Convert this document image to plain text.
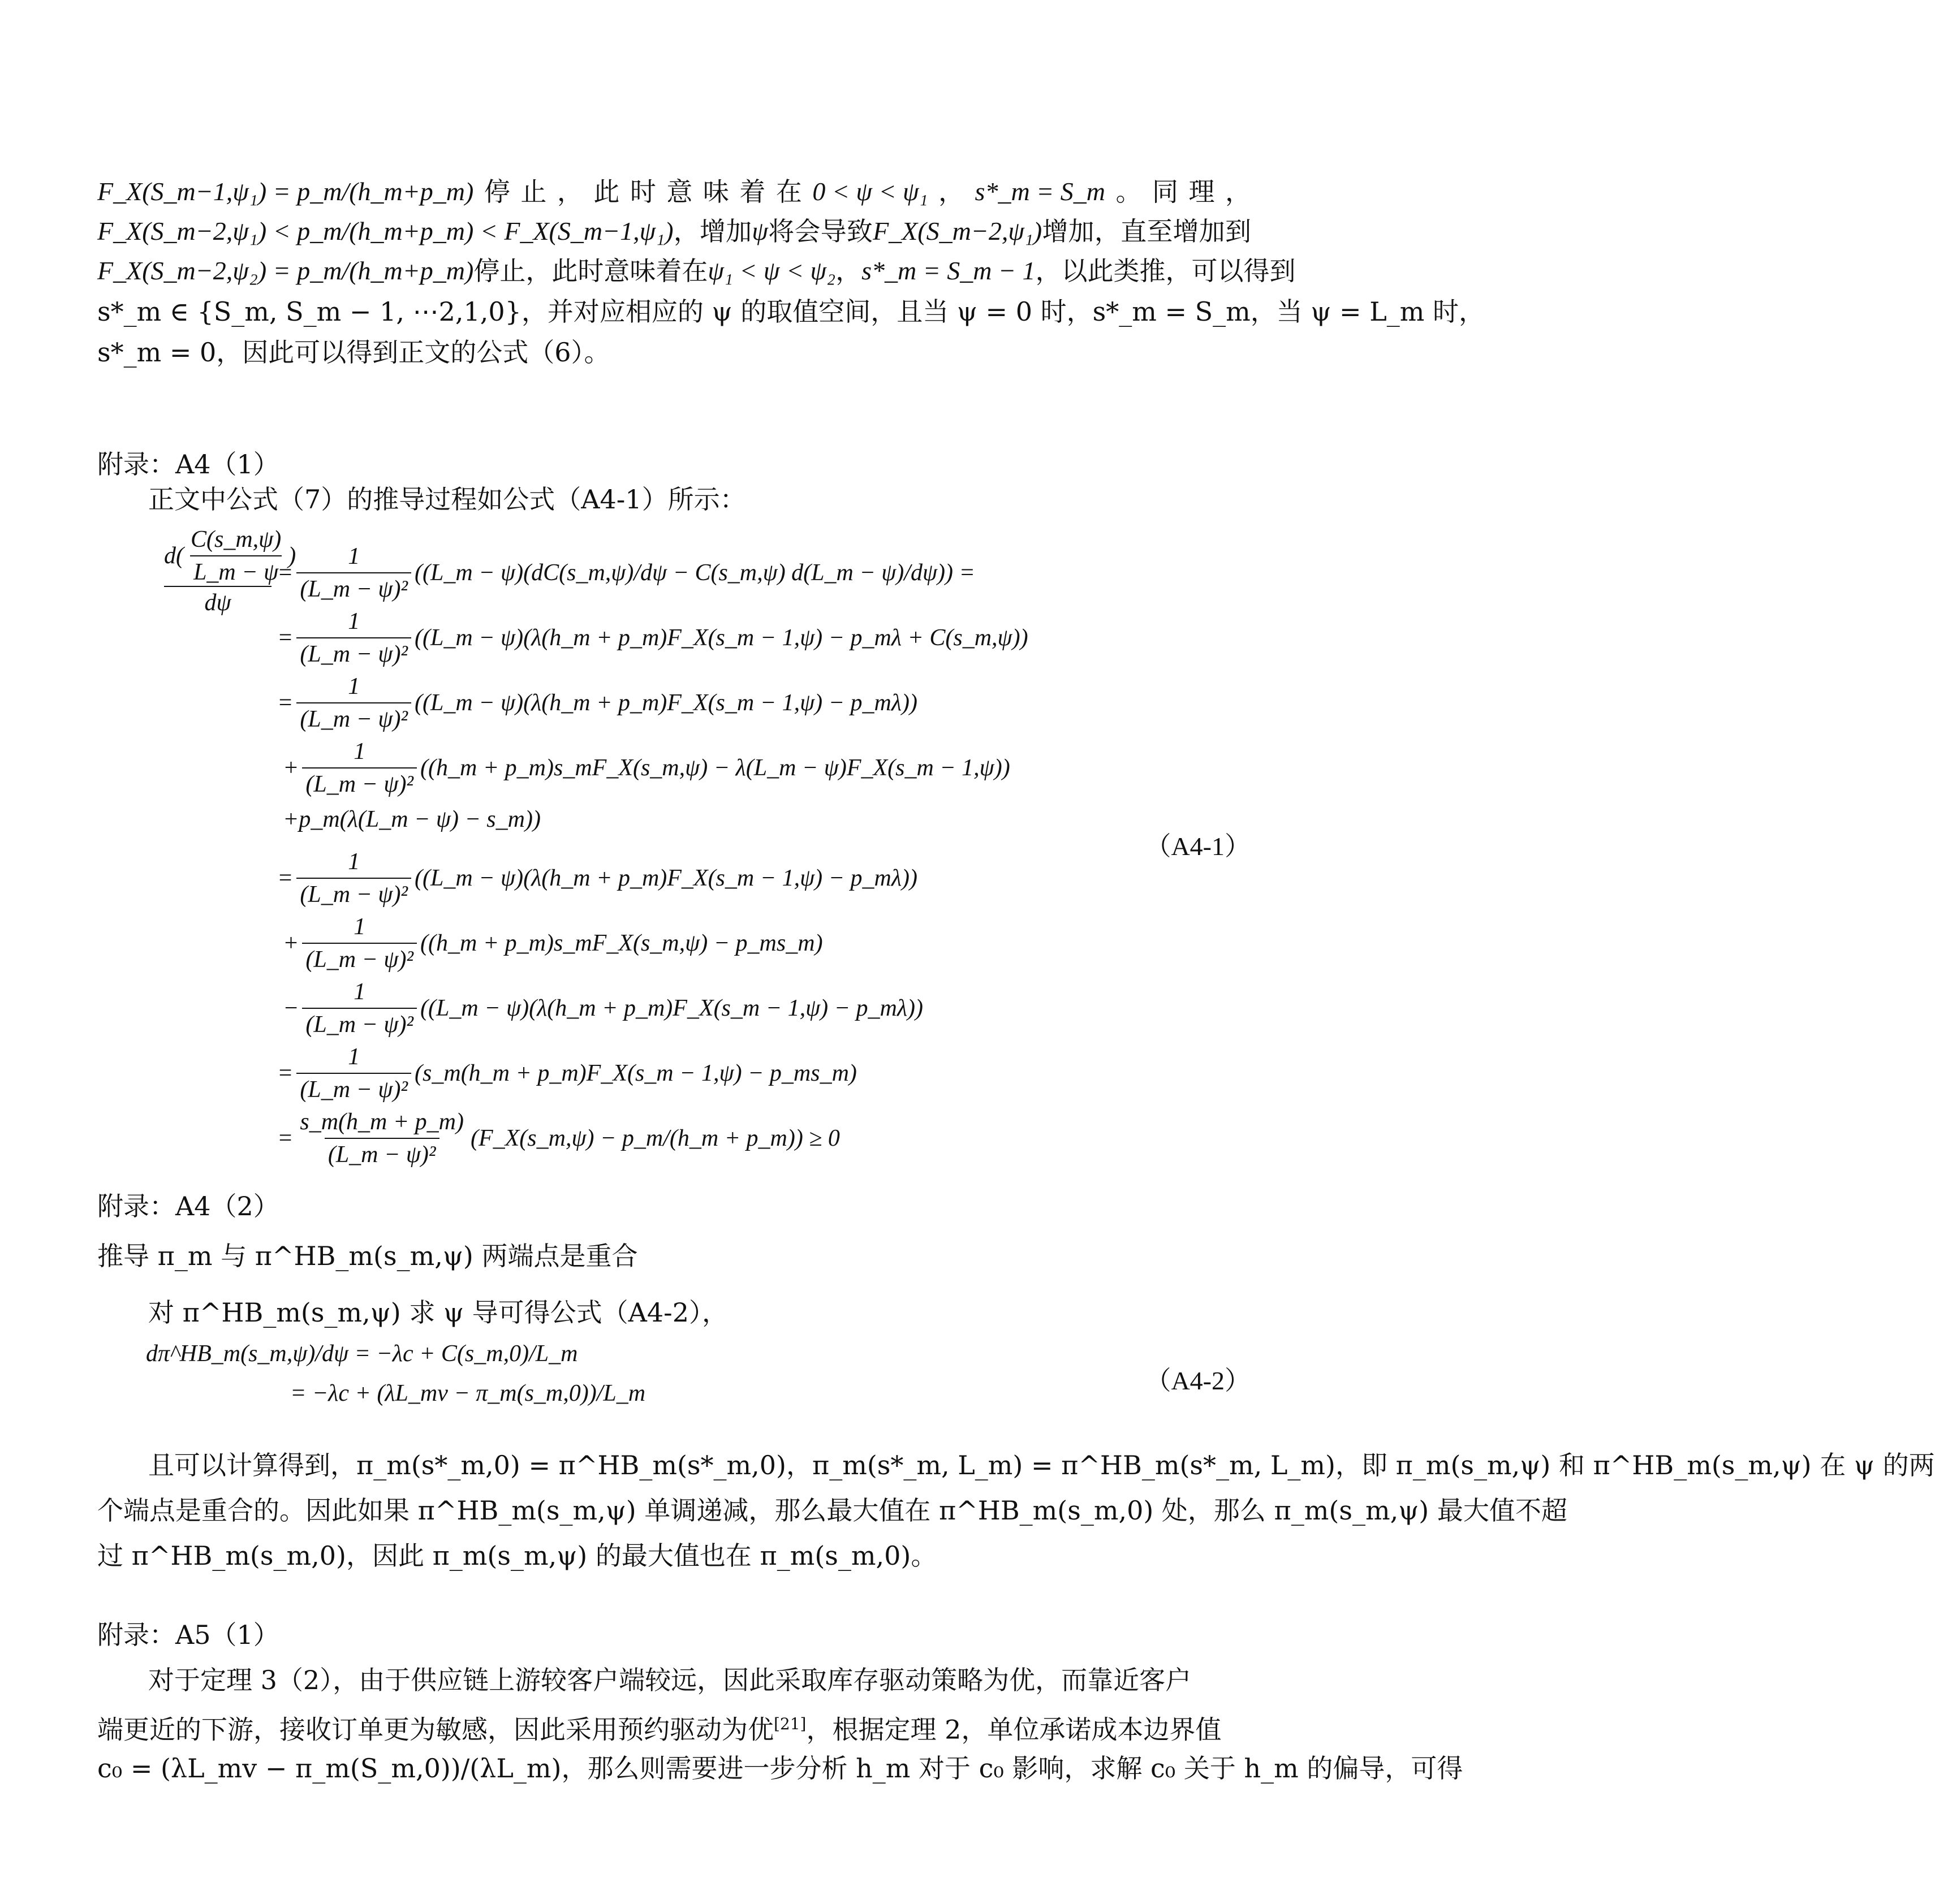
F_X(S_m−1,ψ₁) = p_m/(h_m+p_m) 停 止 ， 此 时 意 味 着 在 0 < ψ < ψ₁ ， s*_m = S_m 。 同 理 ，
F_X(S_m−2,ψ₁) < p_m/(h_m+p_m) < F_X(S_m−1,ψ₁) ， 增 加 ψ 将 会 导 致 F_X(S_m−2,ψ₁) 增 加 ， 直 至 增 加 到
F_X(S_m−2,ψ₂) = p_m/(h_m+p_m) 停止， 此时意味着在 ψ₁ < ψ < ψ₂ ， s*_m = S_m − 1 ， 以此类推， 可以得到
s*_m ∈ {S_m, S_m − 1, ⋯2,1,0}，并对应相应的 ψ 的取值空间，且当 ψ = 0 时，s*_m = S_m，当 ψ = L_m 时，
s*_m = 0，因此可以得到正文的公式（6）。
附录：A4（1）
正文中公式（7）的推导过程如公式（A4-1）所示：
$d( \frac{C(s\_m,\psi)}{L\_m - \psi}$ )
dψ
= $\frac{1}{\text{(L\_m − ψ)²}}$ ((L_m − ψ)(dC(s_m,ψ)/dψ − C(s_m,ψ) d(L_m − ψ)/dψ)) =
= $\frac{1}{\text{(L\_m − ψ)²}}$ ((L_m − ψ)(λ(h_m + p_m)F_X(s_m − 1,ψ) − p_mλ + C(s_m,ψ))
= $\frac{1}{\text{(L\_m − ψ)²}}$ ((L_m − ψ)(λ(h_m + p_m)F_X(s_m − 1,ψ) − p_mλ))
+ $\frac{1}{\text{(L\_m − ψ)²}}$ ((h_m + p_m)s_mF_X(s_m,ψ) − λ(L_m − ψ)F_X(s_m − 1,ψ))
+p_m(λ(L_m − ψ) − s_m))
= $\frac{1}{\text{(L\_m − ψ)²}}$ ((L_m − ψ)(λ(h_m + p_m)F_X(s_m − 1,ψ) − p_mλ))
+ $\frac{1}{\text{(L\_m − ψ)²}}$ ((h_m + p_m)s_mF_X(s_m,ψ) − p_ms_m)
− $\frac{1}{\text{(L\_m − ψ)²}}$ ((L_m − ψ)(λ(h_m + p_m)F_X(s_m − 1,ψ) − p_mλ))
= $\frac{1}{\text{(L\_m − ψ)²}}$ (s_m(h_m + p_m)F_X(s_m − 1,ψ) − p_ms_m)
= $\frac{s\_m(h\_m + p\_m)}{\text{(L\_m − ψ)²}}$ (F_X(s_m,ψ) − p_m/(h_m + p_m)) ≥ 0
（A4-1）
附录：A4（2）
推导 π_m 与 π^HB_m(s_m,ψ) 两端点是重合
对 π^HB_m(s_m,ψ) 求 ψ 导可得公式（A4-2），
dπ^HB_m(s_m,ψ)/dψ = −λc + C(s_m,0)/L_m
= −λc + (λL_mv − π_m(s_m,0))/L_m	（A4-2）
且可以计算得到，π_m(s*_m,0) = π^HB_m(s*_m,0)，π_m(s*_m, L_m) = π^HB_m(s*_m, L_m)，即 π_m(s_m,ψ) 和 π^HB_m(s_m,ψ) 在 ψ 的两
个端点是重合的。因此如果 π^HB_m(s_m,ψ) 单调递减，那么最大值在 π^HB_m(s_m,0) 处，那么 π_m(s_m,ψ) 最大值不超
过 π^HB_m(s_m,0)，因此 π_m(s_m,ψ) 的最大值也在 π_m(s_m,0)。
附录：A5（1）
对于定理 3（2），由于供应链上游较客户端较远，因此采取库存驱动策略为优，而靠近客户
端更近的下游，接收订单更为敏感，因此采用预约驱动为优[21]，根据定理 2，单位承诺成本边界值
c₀ = (λL_mv − π_m(S_m,0))/(λL_m)，那么则需要进一步分析 h_m 对于 c₀ 影响，求解 c₀ 关于 h_m 的偏导，可得
